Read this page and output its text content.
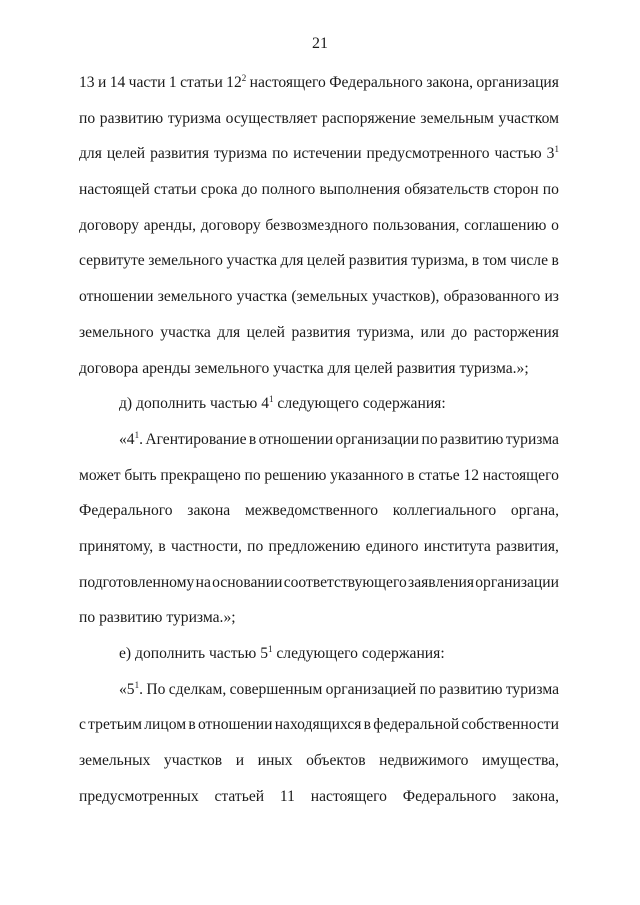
21
13 и 14 части 1 статьи $12^2$ настоящего Федерального закона, организация
по развитию туризма осуществляет распоряжение земельным участком
для целей развития туризма по истечении предусмотренного частью $3^1$
настоящей статьи срока до полного выполнения обязательств сторон по
договору аренды, договору безвозмездного пользования, соглашению о
сервитуте земельного участка для целей развития туризма, в том числе в
отношении земельного участка (земельных участков), образованного из
земельного участка для целей развития туризма, или до расторжения
договора аренды земельного участка для целей развития туризма.»;
д) дополнить частью $4^1$ следующего содержания:
«$4^1$. Агентирование в отношении организации по развитию туризма
может быть прекращено по решению указанного в статье 12 настоящего
Федерального закона межведомственного коллегиального органа,
принятому, в частности, по предложению единого института развития,
подготовленному на основании соответствующего заявления организации
по развитию туризма.»;
е) дополнить частью $5^1$ следующего содержания:
«$5^1$. По сделкам, совершенным организацией по развитию туризма
с третьим лицом в отношении находящихся в федеральной собственности
земельных участков и иных объектов недвижимого имущества,
предусмотренных статьей 11 настоящего Федерального закона,
